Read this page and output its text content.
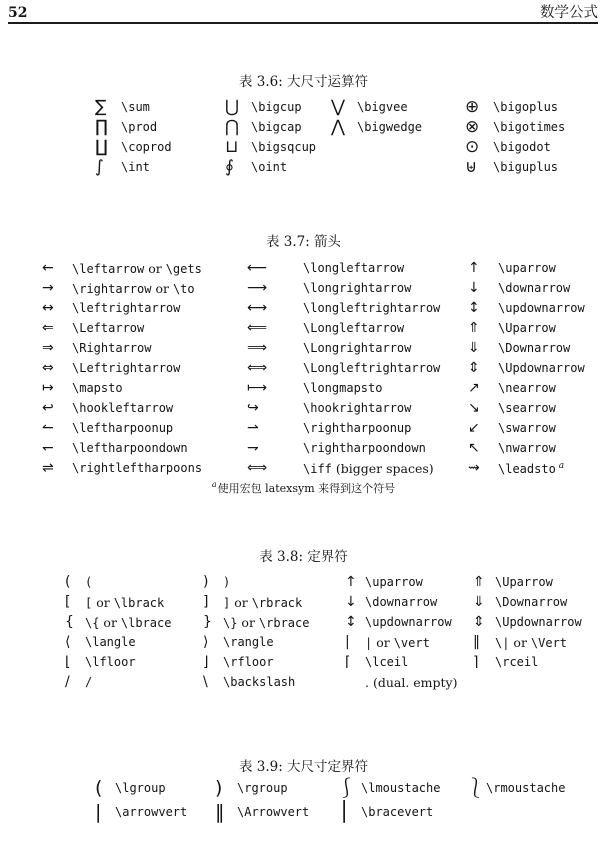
52	数学公式
表 3.6: 大尺寸运算符
∑	\sum	⋃	\bigcup	⋁	\bigvee	⊕	\bigoplus
∏	\prod	⋂	\bigcap	⋀	\bigwedge	⊗	\bigotimes
∐	\coprod	⊔	\bigsqcup	⊙	\bigodot
∫	\int	∮	\oint	⊎	\biguplus
表 3.7: 箭头
←	\leftarrow or \gets	⟵	\longleftarrow	↑	\uparrow
→	\rightarrow or \to	⟶	\longrightarrow	↓	\downarrow
↔	\leftrightarrow	⟷	\longleftrightarrow	↕	\updownarrow
⇐	\Leftarrow	⟸	\Longleftarrow	⇑	\Uparrow
⇒	\Rightarrow	⟹	\Longrightarrow	⇓	\Downarrow
⇔	\Leftrightarrow	⟺	\Longleftrightarrow	⇕	\Updownarrow
↦	\mapsto	⟼	\longmapsto	↗	\nearrow
↩	\hookleftarrow	↪	\hookrightarrow	↘	\searrow
↼	\leftharpoonup	⇀	\rightharpoonup	↙	\swarrow
↽	\leftharpoondown	⇁	\rightharpoondown	↖	\nwarrow
⇌	\rightleftharpoons	⟺	\iff (bigger spaces)	⇝	\leadsto $^a$
$^a$使用宏包 latexsym 来得到这个符号
表 3.8: 定界符
(	(	)	)	↑ \uparrow	⇑ \Uparrow
[	[ or \lbrack	]	] or \rbrack	↓ \downarrow	⇓ \Downarrow
{ \{ or \lbrace	} \} or \rbrace	↕ \updownarrow	⇕ \Updownarrow
⟨	\langle	⟩	\rangle	|	| or \vert	‖	\| or \Vert
⌊	\lfloor	⌋	\rfloor	⌈	\lceil	⌉	\rceil
/	/	\	\backslash	. (dual. empty)
表 3.9: 大尺寸定界符
(	\lgroup	)	\rgroup	⎰ \lmoustache	⎱ \rmoustache
|	\arrowvert	‖	\Arrowvert	⎪ \bracevert
